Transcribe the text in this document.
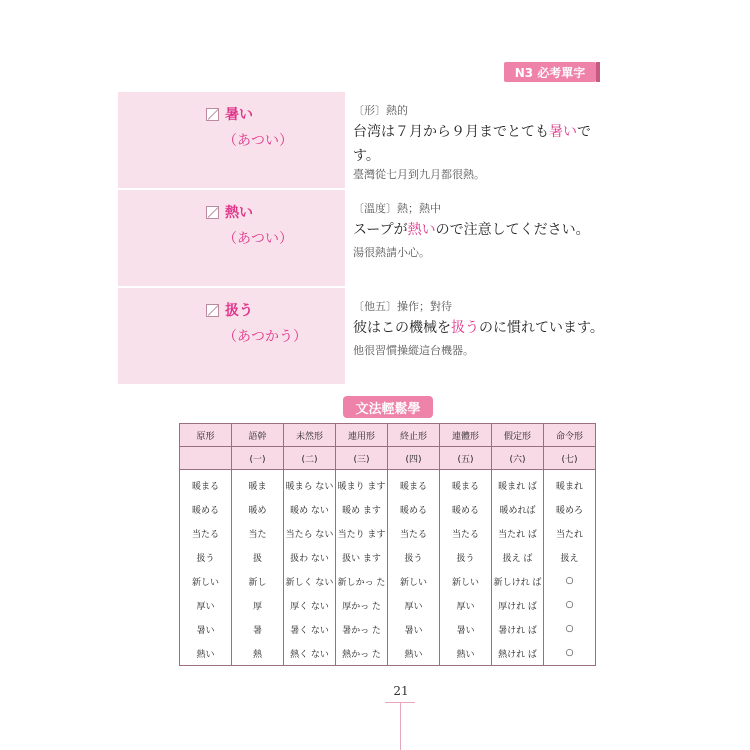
N3 必考單字
暑い
（あつい）
〔形〕熱的
台湾は７月から９月までとても暑いです。
臺灣從七月到九月都很熱。
熱い
（あつい）
〔溫度〕熱；熱中
スープが熱いので注意してください。
湯很熱請小心。
扱う
（あつかう）
〔他五〕操作；對待
彼はこの機械を扱うのに慣れています。
他很習慣操縱這台機器。
文法輕鬆學
原形	語幹	未然形	連用形	終止形	連體形	假定形	命令形
	(一)	(二)	(三)	(四)	(五)	(六)	(七)
暖まる	暖ま	暖まら ない	暖まり ます	暖まる	暖まる	暖まれ ば	暖まれ
暖める	暖め	暖め ない	暖め ます	暖める	暖める	暖めれば	暖めろ
当たる	当た	当たら ない	当たり ます	当たる	当たる	当たれ ば	当たれ
扱う	扱	扱わ ない	扱い ます	扱う	扱う	扱え ば	扱え
新しい	新し	新しく ない	新しかっ た	新しい	新しい	新しけれ ば	○
厚い	厚	厚く ない	厚かっ た	厚い	厚い	厚けれ ば	○
暑い	暑	暑く ない	暑かっ た	暑い	暑い	暑けれ ば	○
熱い	熱	熱く ない	熱かっ た	熱い	熱い	熱けれ ば	○
21
